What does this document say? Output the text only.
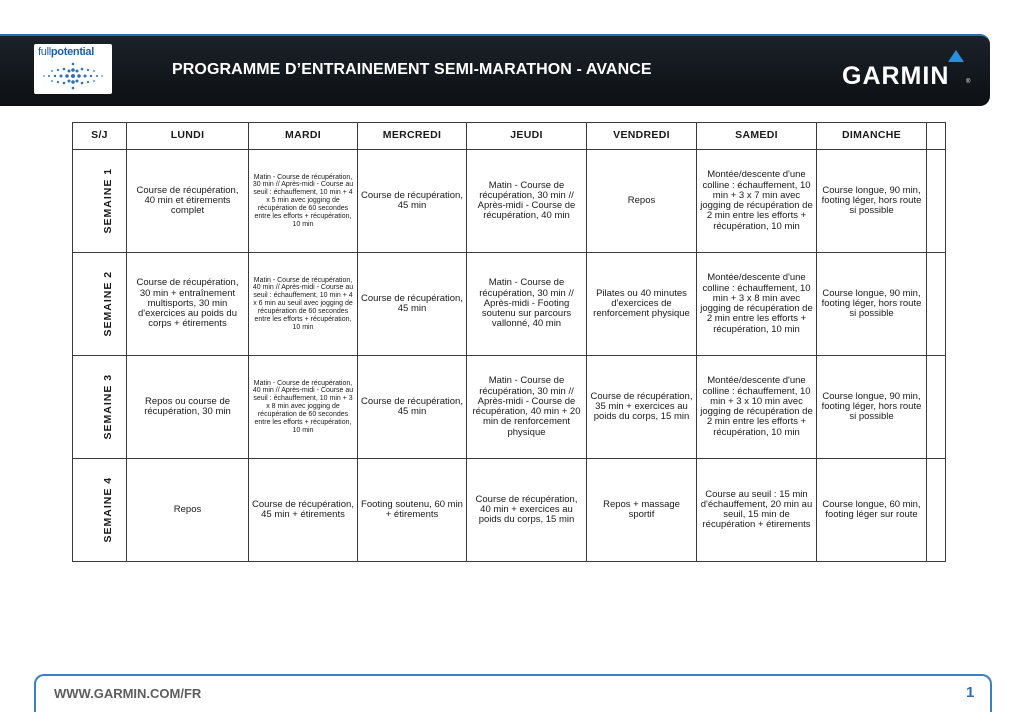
fullpotential
PROGRAMME D’ENTRAINEMENT SEMI-MARATHON - AVANCE	GARMIN	®
S/J	LUNDI	MARDI	MERCREDI	JEUDI	VENDREDI	SAMEDI	DIMANCHE	
SEMAINE 1	Course de récupération, 40 min et étirements complet	Matin - Course de récupération, 30 min // Après-midi - Course au seuil : échauffement, 10 min + 4 x 5 min avec jogging de récupération de 60 secondes entre les efforts + récupération, 10 min	Course de récupération, 45 min	Matin - Course de récupération, 30 min // Après-midi - Course de récupération, 40 min	Repos	Montée/descente d'une colline : échauffement, 10 min + 3 x 7 min avec jogging de récupération de 2 min entre les efforts + récupération, 10 min	Course longue, 90 min, footing léger, hors route si possible	
SEMAINE 2	Course de récupération, 30 min + entraînement multisports, 30 min d'exercices au poids du corps + étirements	Matin - Course de récupération, 40 min // Après-midi - Course au seuil : échauffement, 10 min + 4 x 6 min au seuil avec jogging de récupération de 60 secondes entre les efforts + récupération, 10 min	Course de récupération, 45 min	Matin - Course de récupération, 30 min // Après-midi - Footing soutenu sur parcours vallonné, 40 min	Pilates ou 40 minutes d'exercices de renforcement physique	Montée/descente d'une colline : échauffement, 10 min + 3 x 8 min avec jogging de récupération de 2 min entre les efforts + récupération, 10 min	Course longue, 90 min, footing léger, hors route si possible	
SEMAINE 3	Repos ou course de récupération, 30 min	Matin - Course de récupération, 40 min // Après-midi - Course au seuil : échauffement, 10 min + 3 x 8 min avec jogging de récupération de 60 secondes entre les efforts + récupération, 10 min	Course de récupération, 45 min	Matin - Course de récupération, 30 min // Après-midi - Course de récupération, 40 min + 20 min de renforcement physique	Course de récupération, 35 min + exercices au poids du corps, 15 min	Montée/descente d'une colline : échauffement, 10 min + 3 x 10 min avec jogging de récupération de 2 min entre les efforts + récupération, 10 min	Course longue, 90 min, footing léger, hors route si possible	
SEMAINE 4	Repos	Course de récupération, 45 min + étirements	Footing soutenu, 60 min + étirements	Course de récupération, 40 min + exercices au poids du corps, 15 min	Repos + massage sportif	Course au seuil : 15 min d'échauffement, 20 min au seuil, 15 min de récupération + étirements	Course longue, 60 min, footing léger sur route	
WWW.GARMIN.COM/FR	1
